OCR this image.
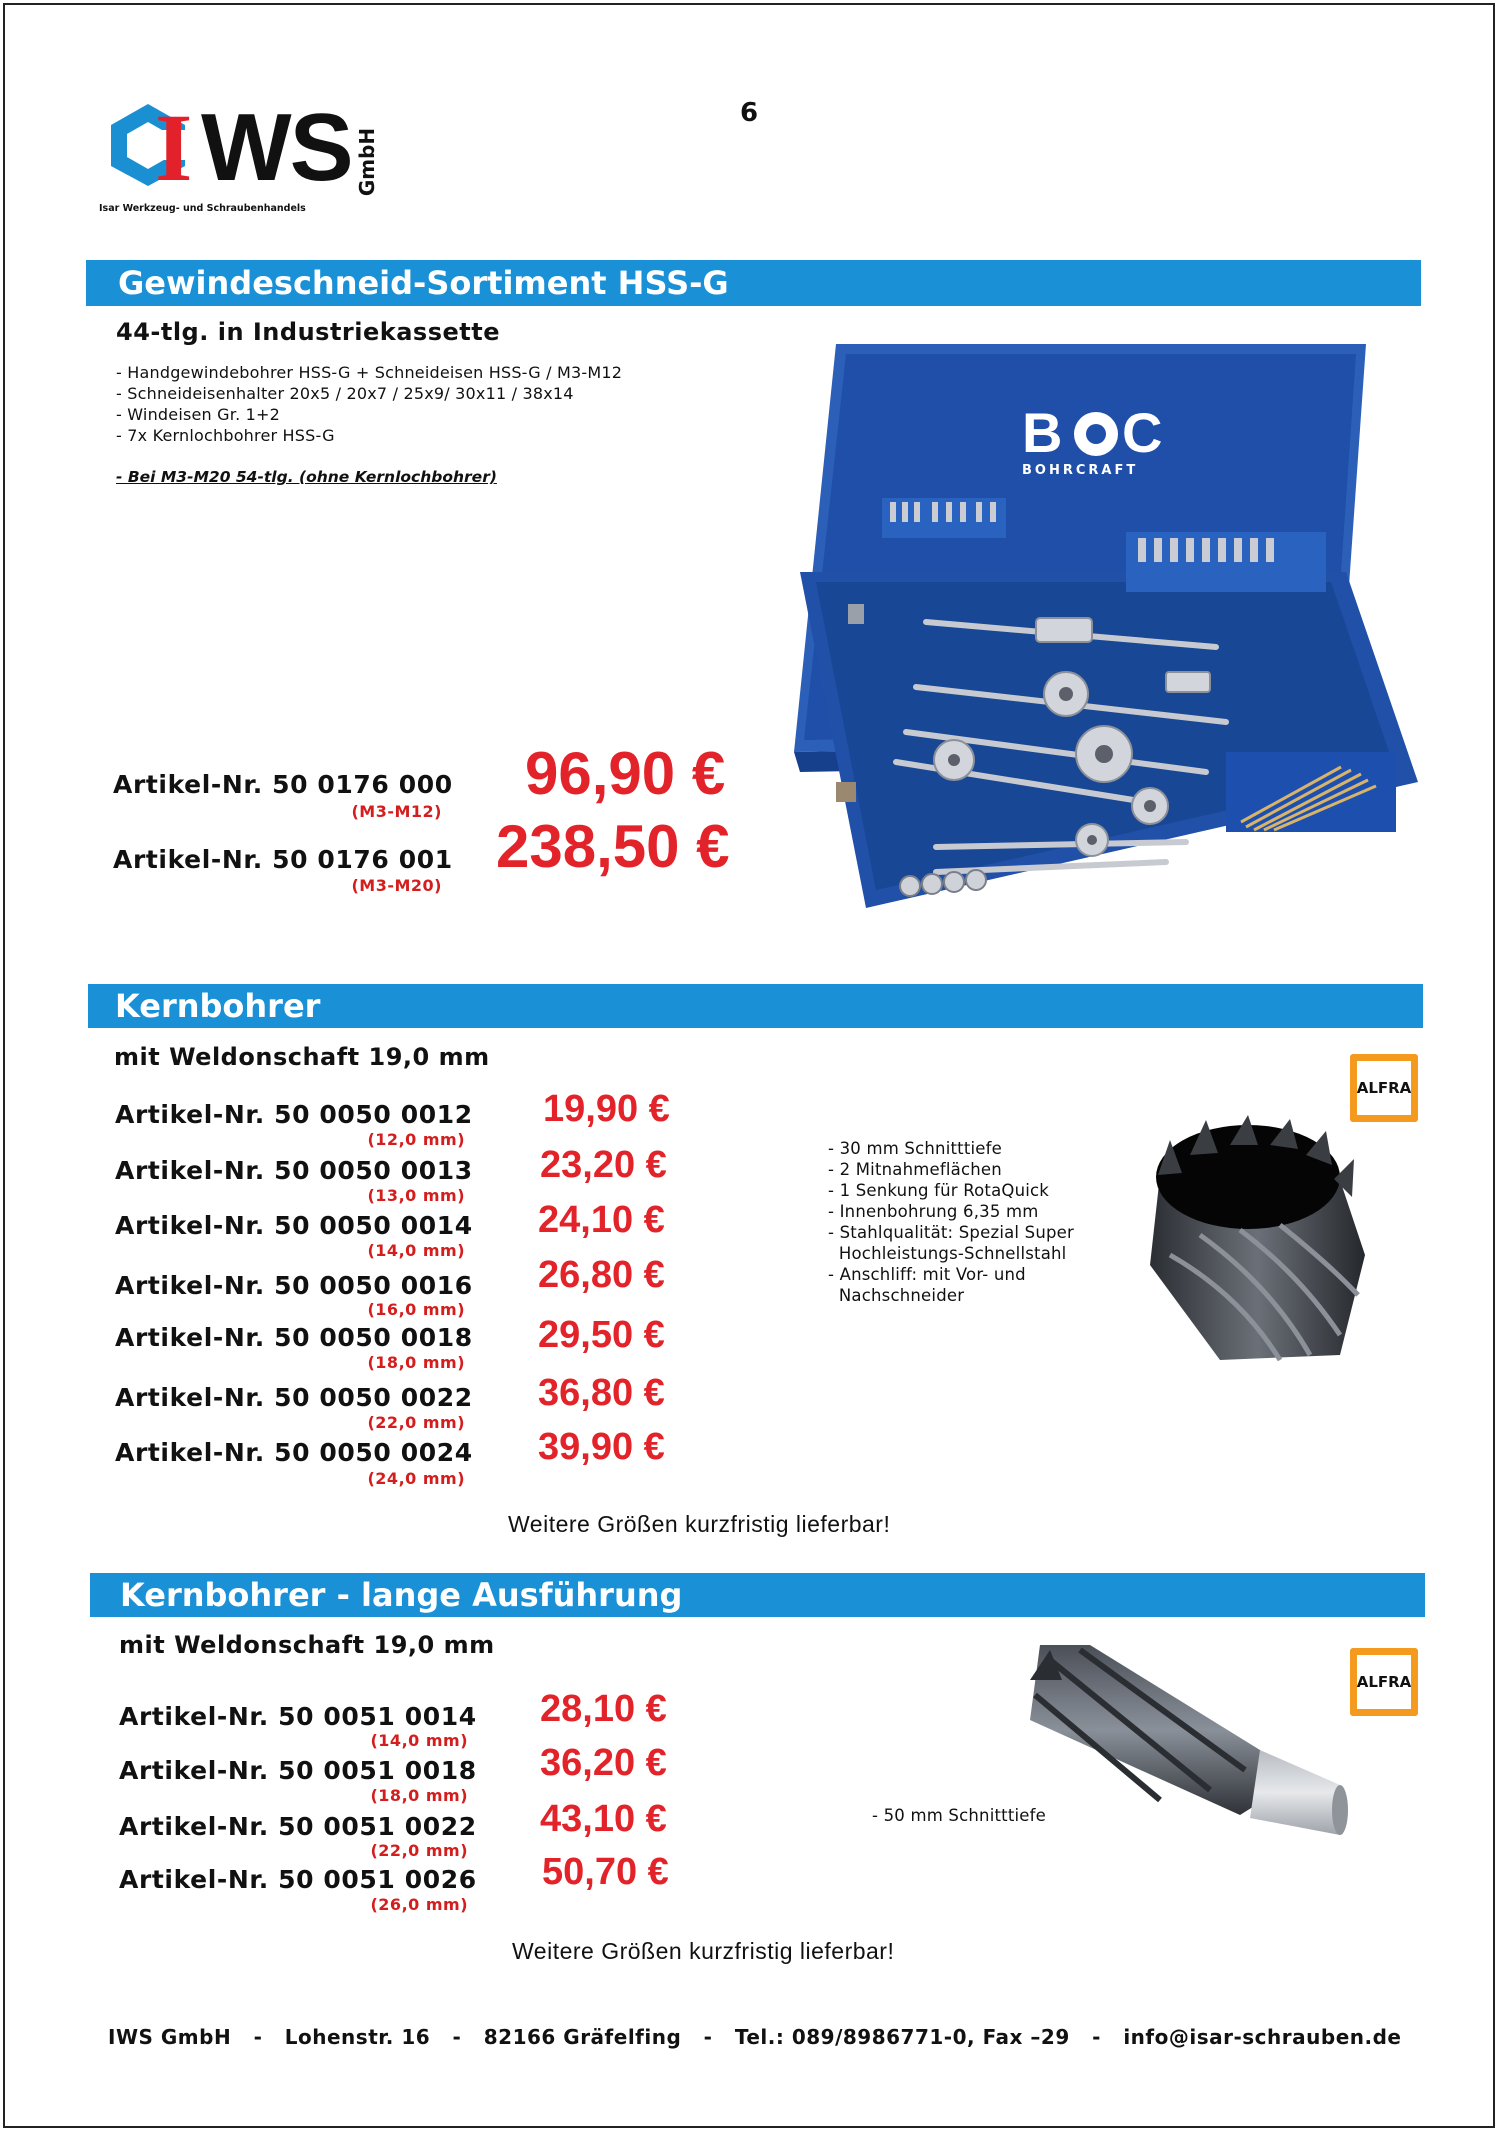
I WS GmbH
Isar Werkzeug- und Schraubenhandels
6
Gewindeschneid-Sortiment HSS-G
44-tlg. in Industriekassette
- Handgewindebohrer HSS-G + Schneideisen HSS-G / M3-M12
- Schneideisenhalter 20x5 / 20x7 / 25x9/ 30x11 / 38x14
- Windeisen Gr. 1+2
- 7x Kernlochbohrer HSS-G
- Bei M3-M20 54-tlg. (ohne Kernlochbohrer)
B C
BOHRCRAFT
Artikel-Nr. 50 0176 000
(M3-M12)
96,90 €
Artikel-Nr. 50 0176 001
(M3-M20)
238,50 €
Kernbohrer
mit Weldonschaft 19,0 mm
ALFRA
Artikel-Nr. 50 0050 0012
(12,0 mm)
19,90 €
Artikel-Nr. 50 0050 0013
(13,0 mm)
23,20 €
Artikel-Nr. 50 0050 0014
(14,0 mm)
24,10 €
Artikel-Nr. 50 0050 0016
(16,0 mm)
26,80 €
Artikel-Nr. 50 0050 0018
(18,0 mm)
29,50 €
Artikel-Nr. 50 0050 0022
(22,0 mm)
36,80 €
Artikel-Nr. 50 0050 0024
(24,0 mm)
39,90 €
- 30 mm Schnitttiefe
- 2 Mitnahmeflächen
- 1 Senkung für RotaQuick
- Innenbohrung 6,35 mm
- Stahlqualität: Spezial Super
Hochleistungs-Schnellstahl
- Anschliff: mit Vor- und
Nachschneider
Weitere Größen kurzfristig lieferbar!
Kernbohrer - lange Ausführung
mit Weldonschaft 19,0 mm
ALFRA
Artikel-Nr. 50 0051 0014
(14,0 mm)
28,10 €
Artikel-Nr. 50 0051 0018
(18,0 mm)
36,20 €
Artikel-Nr. 50 0051 0022
(22,0 mm)
43,10 €
Artikel-Nr. 50 0051 0026
(26,0 mm)
50,70 €
- 50 mm Schnitttiefe
Weitere Größen kurzfristig lieferbar!
IWS GmbH   -   Lohenstr. 16   -   82166 Gräfelfing   -   Tel.: 089/8986771-0, Fax –29   -   info@isar-schrauben.de
